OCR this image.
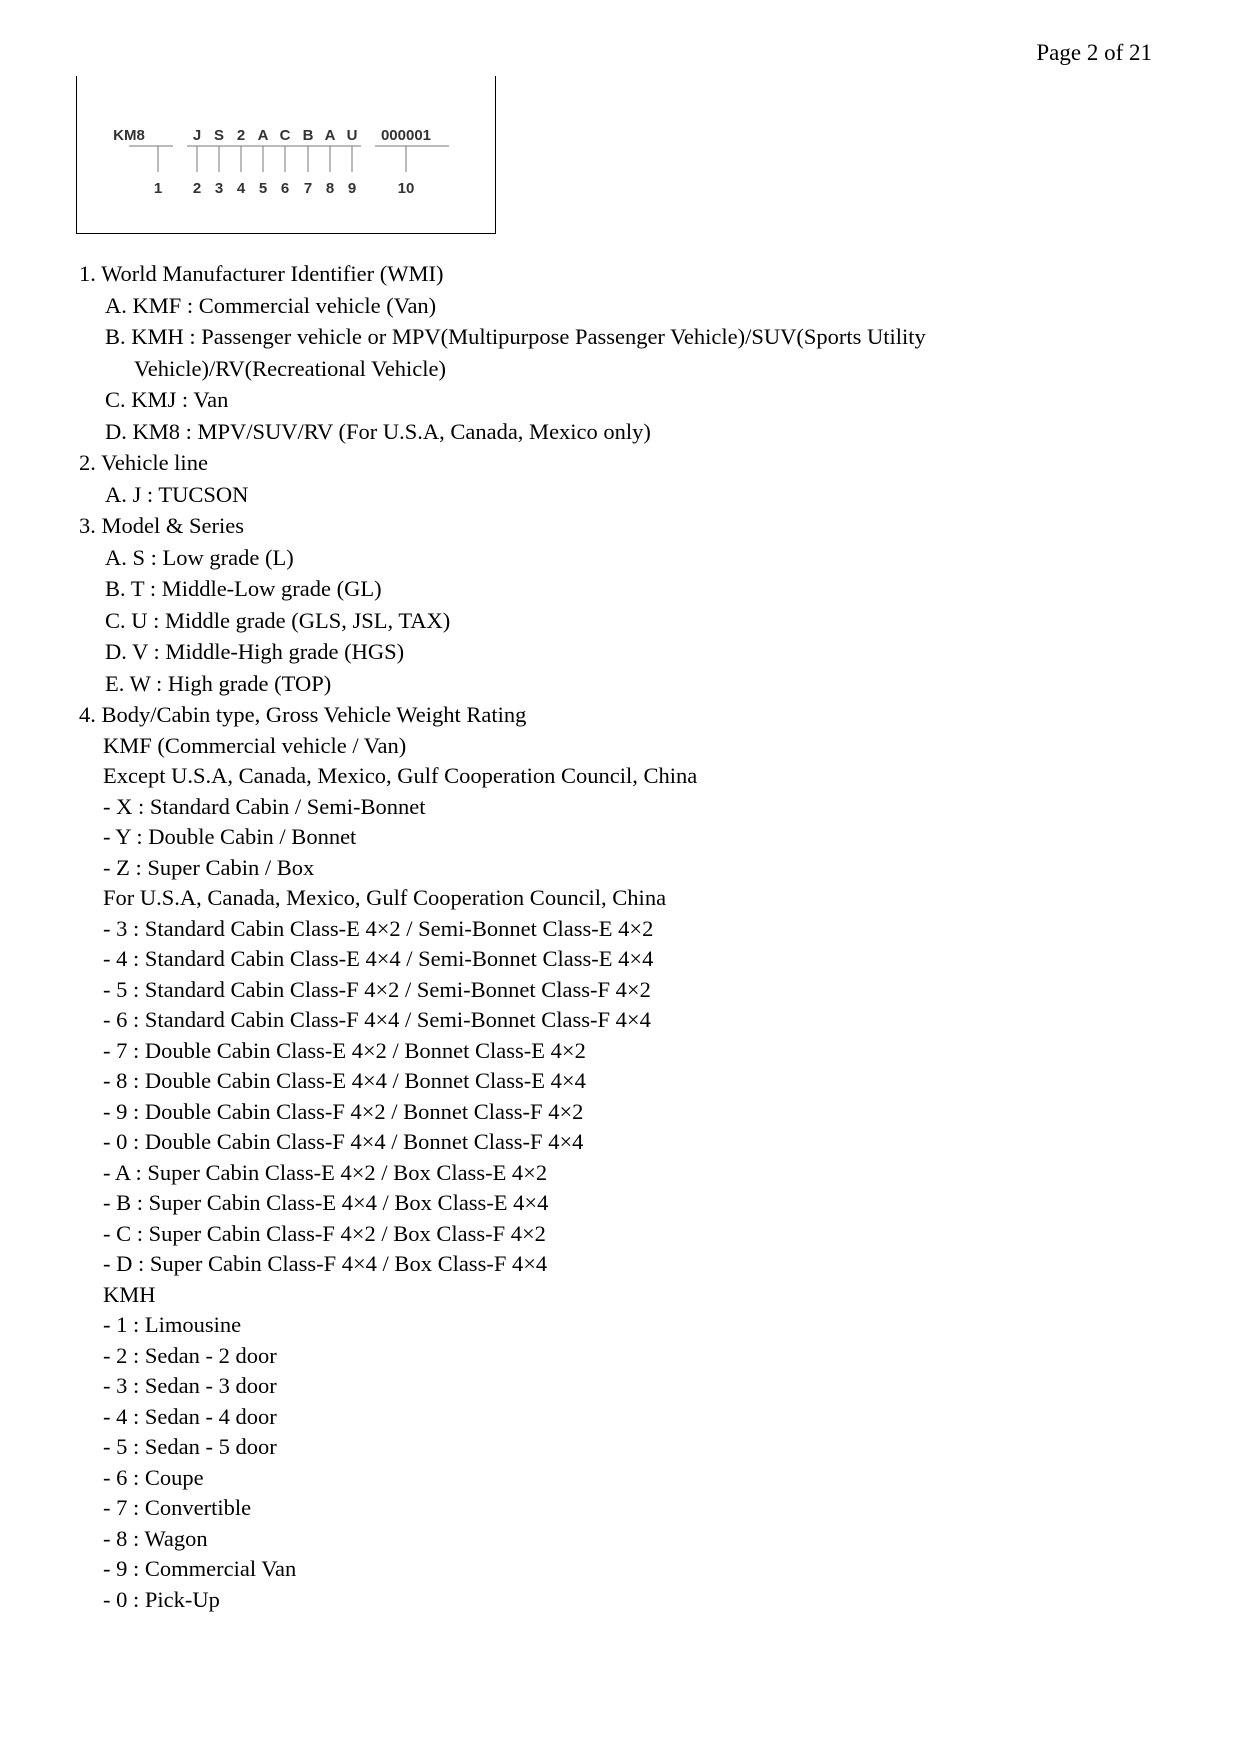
Page 2 of 21
KM8	J S 2 A C B A U 000001
1 2 3 4 5 6 7 8 9	10
1. World Manufacturer Identifier (WMI)
A. KMF : Commercial vehicle (Van)
B. KMH : Passenger vehicle or MPV(Multipurpose Passenger Vehicle)/SUV(Sports Utility Vehicle)/RV(Recreational Vehicle)
C. KMJ : Van
D. KM8 : MPV/SUV/RV (For U.S.A, Canada, Mexico only)
2. Vehicle line
A. J : TUCSON
3. Model & Series
A. S : Low grade (L)
B. T : Middle-Low grade (GL)
C. U : Middle grade (GLS, JSL, TAX)
D. V : Middle-High grade (HGS)
E. W : High grade (TOP)
4. Body/Cabin type, Gross Vehicle Weight Rating
KMF (Commercial vehicle / Van)
Except U.S.A, Canada, Mexico, Gulf Cooperation Council, China
- X : Standard Cabin / Semi-Bonnet
- Y : Double Cabin / Bonnet
- Z : Super Cabin / Box
For U.S.A, Canada, Mexico, Gulf Cooperation Council, China
- 3 : Standard Cabin Class-E 4×2 / Semi-Bonnet Class-E 4×2
- 4 : Standard Cabin Class-E 4×4 / Semi-Bonnet Class-E 4×4
- 5 : Standard Cabin Class-F 4×2 / Semi-Bonnet Class-F 4×2
- 6 : Standard Cabin Class-F 4×4 / Semi-Bonnet Class-F 4×4
- 7 : Double Cabin Class-E 4×2 / Bonnet Class-E 4×2
- 8 : Double Cabin Class-E 4×4 / Bonnet Class-E 4×4
- 9 : Double Cabin Class-F 4×2 / Bonnet Class-F 4×2
- 0 : Double Cabin Class-F 4×4 / Bonnet Class-F 4×4
- A : Super Cabin Class-E 4×2 / Box Class-E 4×2
- B : Super Cabin Class-E 4×4 / Box Class-E 4×4
- C : Super Cabin Class-F 4×2 / Box Class-F 4×2
- D : Super Cabin Class-F 4×4 / Box Class-F 4×4
KMH
- 1 : Limousine
- 2 : Sedan - 2 door
- 3 : Sedan - 3 door
- 4 : Sedan - 4 door
- 5 : Sedan - 5 door
- 6 : Coupe
- 7 : Convertible
- 8 : Wagon
- 9 : Commercial Van
- 0 : Pick-Up
